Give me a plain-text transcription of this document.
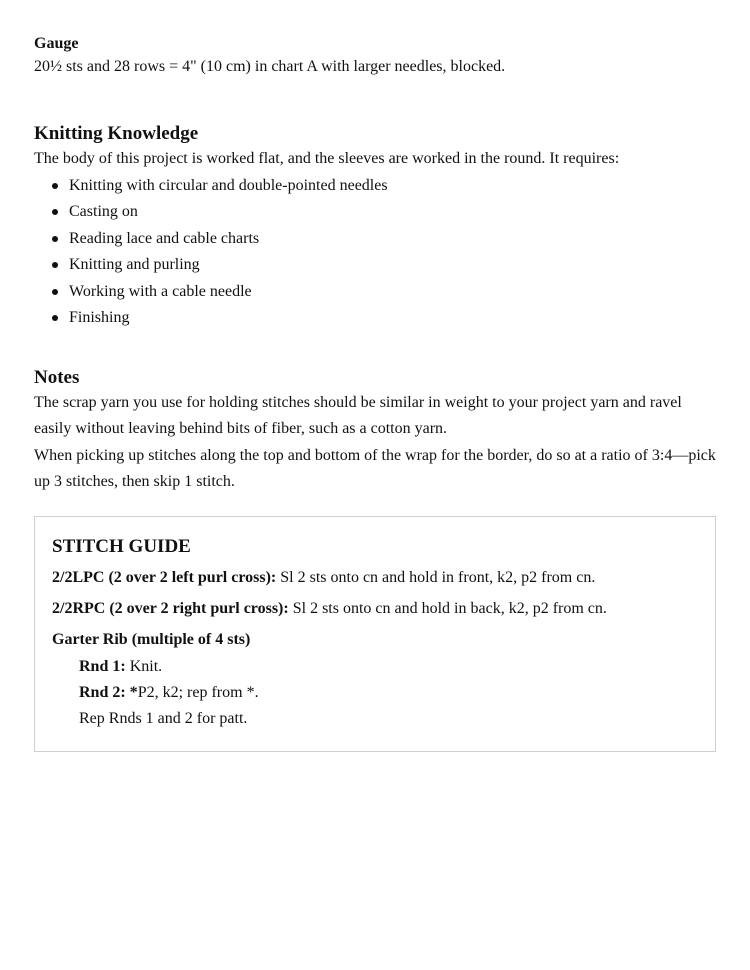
Gauge

20½ sts and 28 rows = 4" (10 cm) in chart A with larger needles, blocked.

Knitting Knowledge

The body of this project is worked flat, and the sleeves are worked in the round. It requires:

Knitting with circular and double-pointed needles
Casting on
Reading lace and cable charts
Knitting and purling
Working with a cable needle
Finishing
Notes

The scrap yarn you use for holding stitches should be similar in weight to your project yarn and ravel easily without leaving behind bits of fiber, such as a cotton yarn.

When picking up stitches along the top and bottom of the wrap for the border, do so at a ratio of 3:4—pick up 3 stitches, then skip 1 stitch.

STITCH GUIDE

2/2LPC (2 over 2 left purl cross): Sl 2 sts onto cn and hold in front, k2, p2 from cn.

2/2RPC (2 over 2 right purl cross): Sl 2 sts onto cn and hold in back, k2, p2 from cn.

Garter Rib (multiple of 4 sts)

Rnd 1: Knit.

Rnd 2: *P2, k2; rep from *.

Rep Rnds 1 and 2 for patt.
